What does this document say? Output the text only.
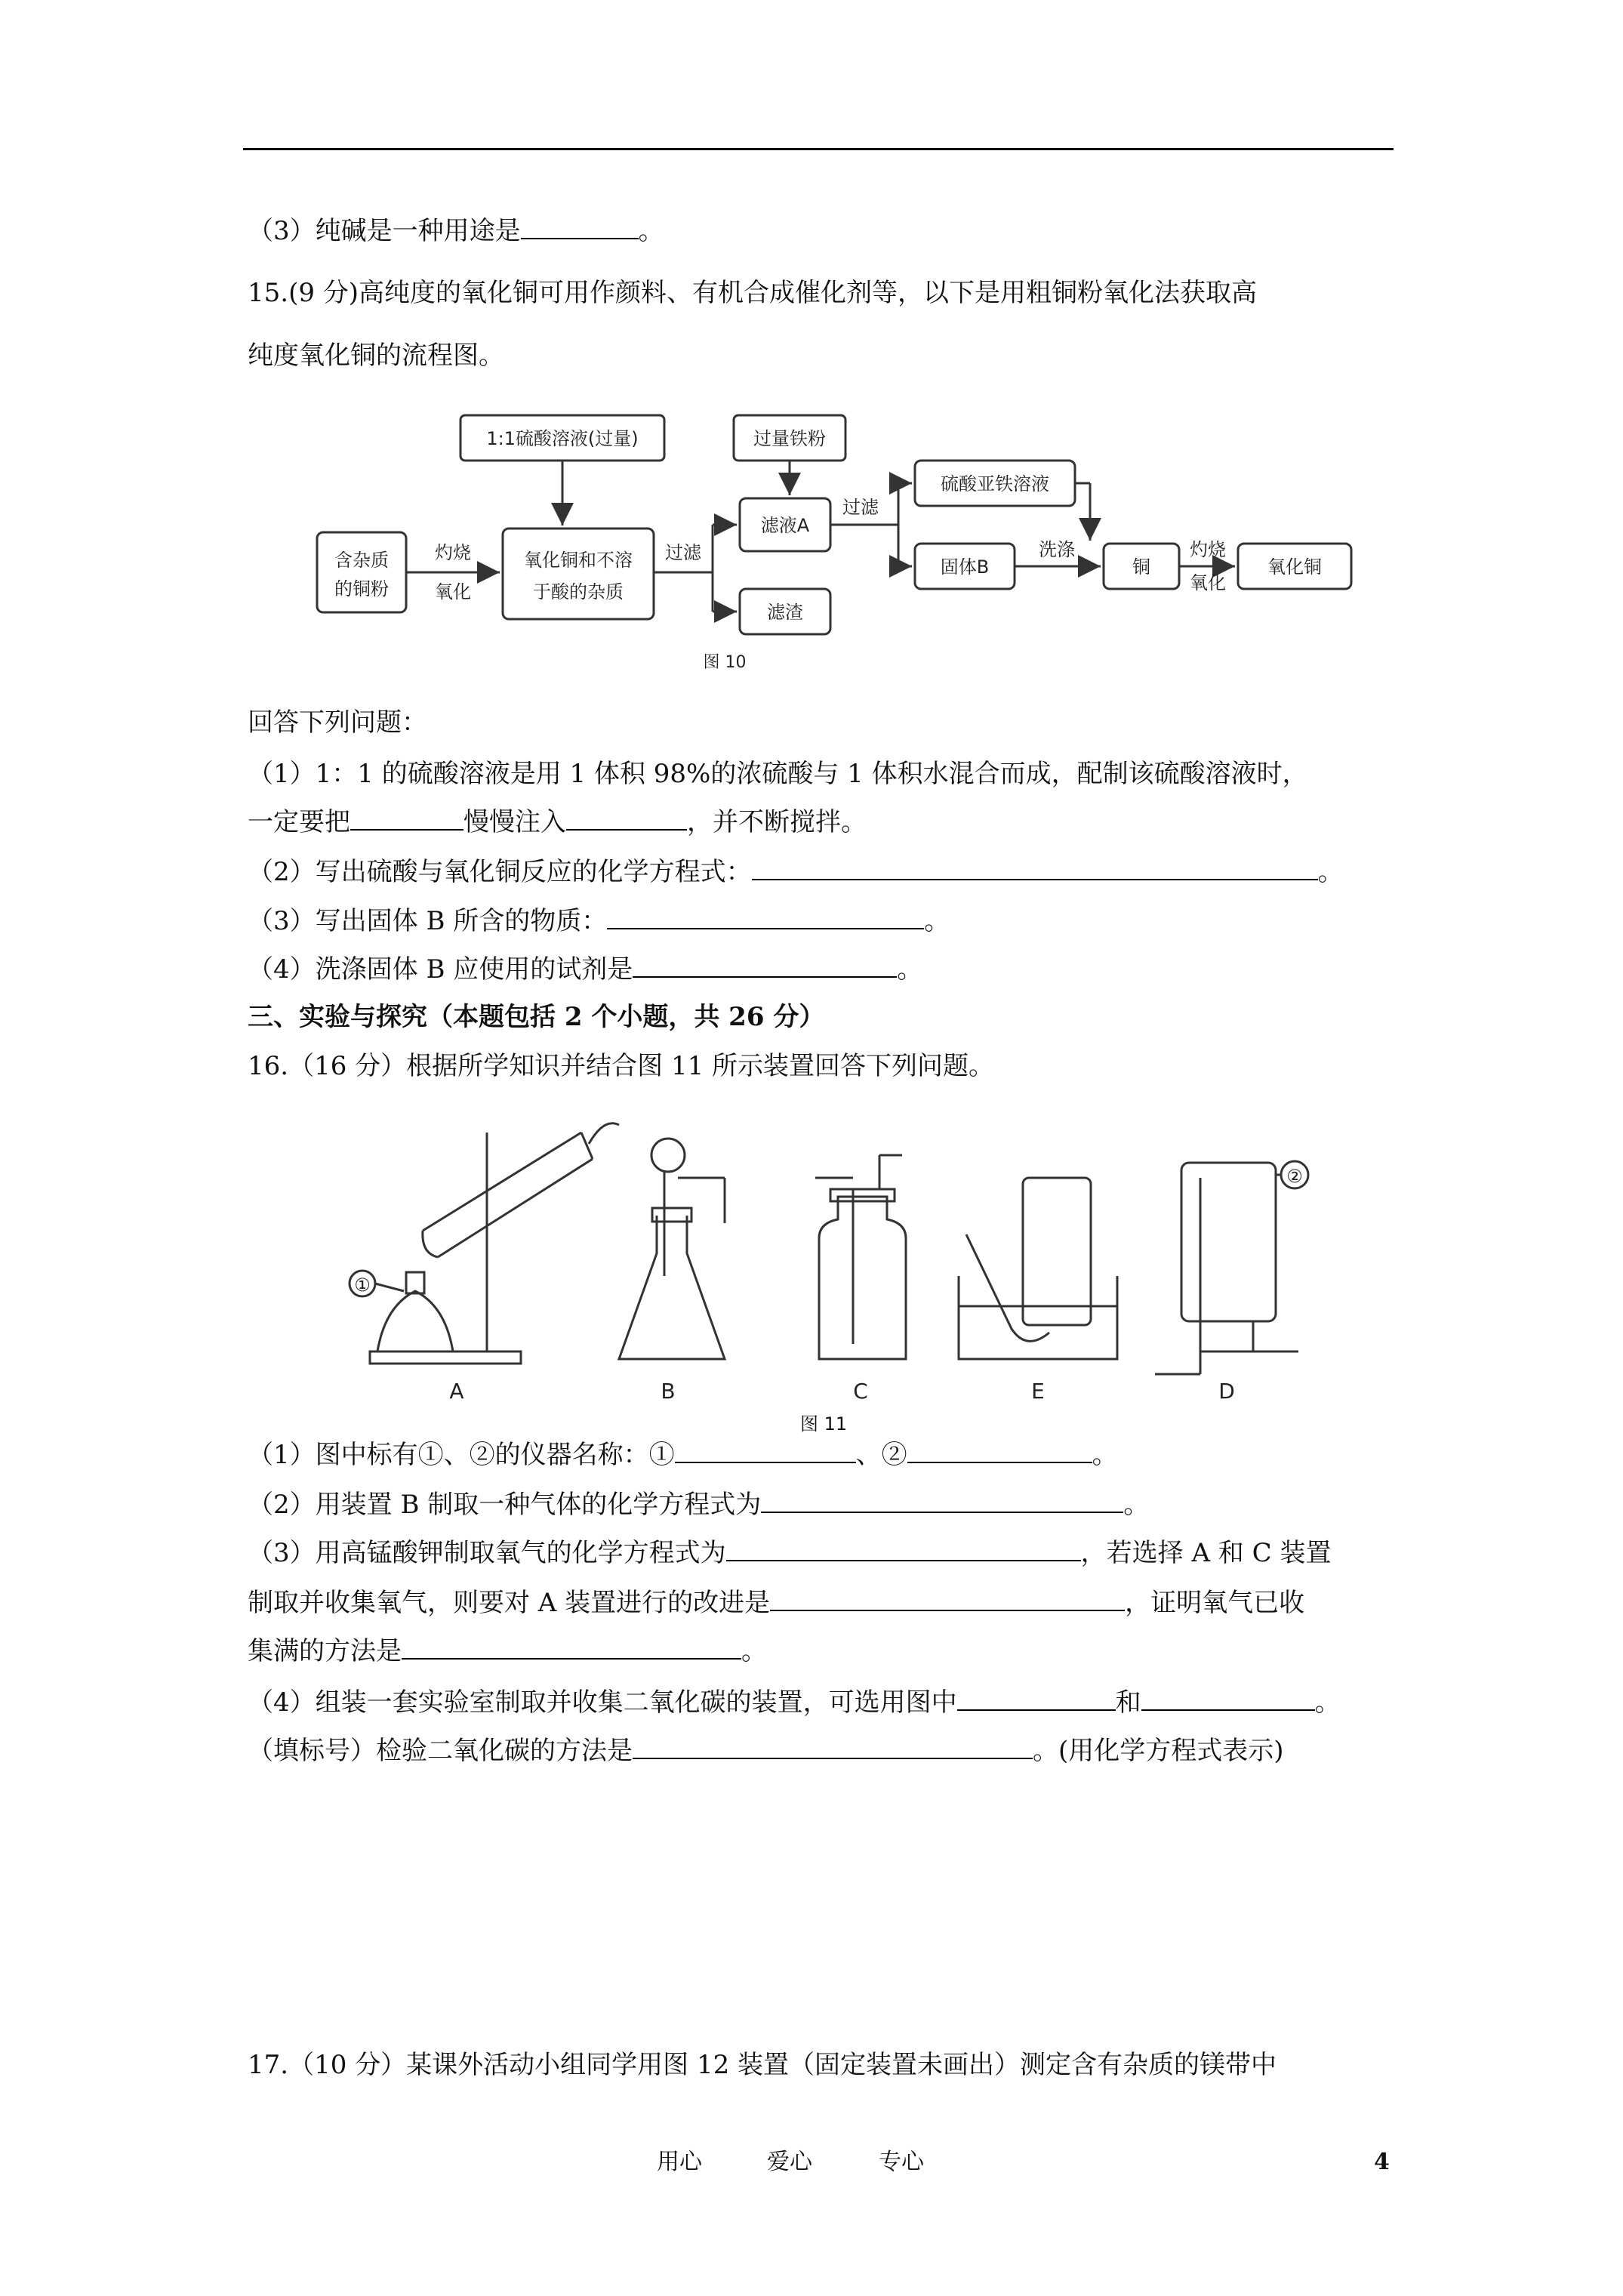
（3）纯碱是一种用途是	。
15.(9 分)高纯度的氧化铜可用作颜料、有机合成催化剂等，以下是用粗铜粉氧化法获取高
纯度氧化铜的流程图。
1:1硫酸溶液(过量)	过量铁粉
含杂质
的铜粉
灼烧
氧化
氧化铜和不溶
于酸的杂质
过滤
滤液A
滤渣
过滤
硫酸亚铁溶液
固体B
洗涤
铜
图 10
灼烧
氧化
氧化铜
回答下列问题：
（1）1：1 的硫酸溶液是用 1 体积 98%的浓硫酸与 1 体积水混合而成，配制该硫酸溶液时，
一定要把	慢慢注入	，并不断搅拌。
（2）写出硫酸与氧化铜反应的化学方程式：	。
（3）写出固体 B 所含的物质：	。
（4）洗涤固体 B 应使用的试剂是	。
三、实验与探究（本题包括 2 个小题，共 26 分）
16.（16 分）根据所学知识并结合图 11 所示装置回答下列问题。
①
②
A	B	C	E	D
图 11
（1）图中标有①、②的仪器名称：①	、②	。
（2）用装置 B 制取一种气体的化学方程式为	。
（3）用高锰酸钾制取氧气的化学方程式为	，若选择 A 和 C 装置
制取并收集氧气，则要对 A 装置进行的改进是	，证明氧气已收
集满的方法是	。
（4）组装一套实验室制取并收集二氧化碳的装置，可选用图中	和	。
（填标号）检验二氧化碳的方法是	。(用化学方程式表示)
17.（10 分）某课外活动小组同学用图 12 装置（固定装置未画出）测定含有杂质的镁带中
用心	爱心	专心	4
